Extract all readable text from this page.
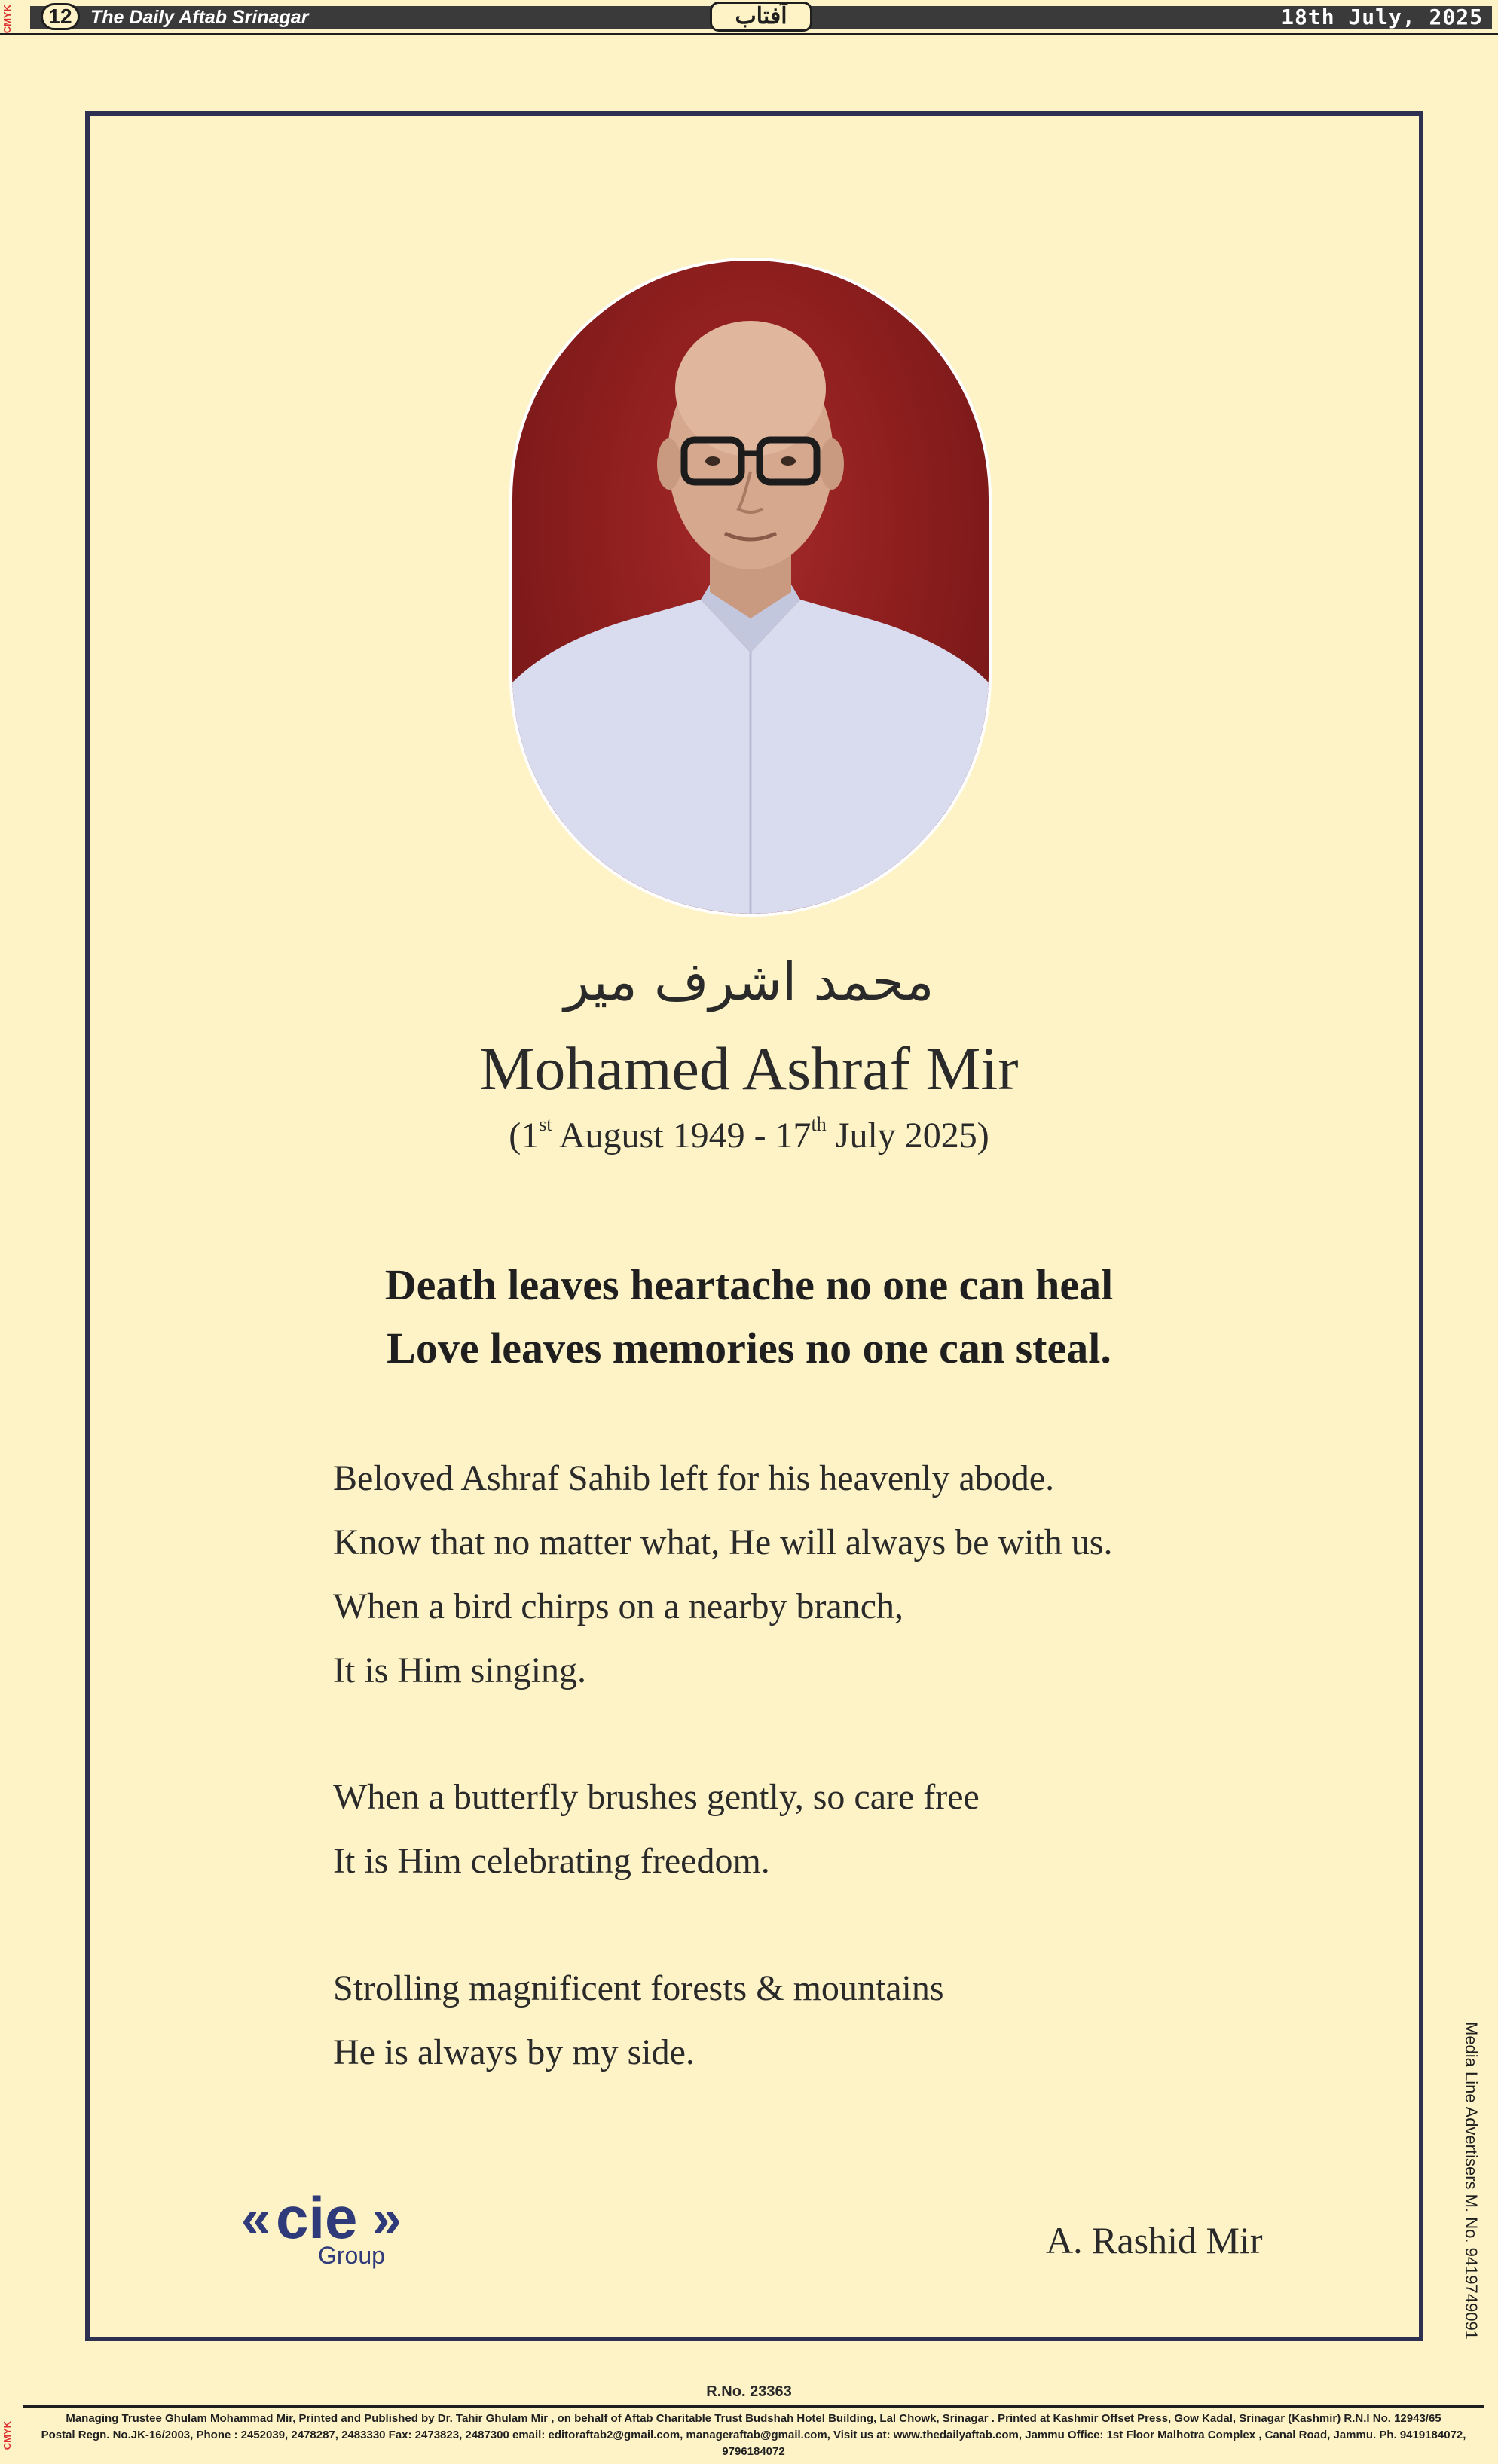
12 The Daily Aftab Srinagar	آفتاب	18th July, 2025
CMYK
CMYK
محمد اشرف میر
Mohamed Ashraf Mir
(1st August 1949 - 17th July 2025)
Death leaves heartache no one can heal
Love leaves memories no one can steal.
Beloved Ashraf Sahib left for his heavenly abode.
Know that no matter what, He will always be with us.
When a bird chirps on a nearby branch,
It is Him singing.
When a butterfly brushes gently, so care free
It is Him celebrating freedom.
Strolling magnificent forests & mountains
He is always by my side.
« cie »
Group	A. Rashid Mir	Media Line Advertisers M. No. 9419749091
R.No. 23363
Managing Trustee Ghulam Mohammad Mir, Printed and Published by Dr. Tahir Ghulam Mir , on behalf of Aftab Charitable Trust Budshah Hotel Building, Lal Chowk, Srinagar . Printed at Kashmir Offset Press, Gow Kadal, Srinagar (Kashmir) R.N.I No. 12943/65
Postal Regn. No.JK-16/2003, Phone : 2452039, 2478287, 2483330 Fax: 2473823, 2487300 email: editoraftab2@gmail.com, manageraftab@gmail.com, Visit us at: www.thedailyaftab.com, Jammu Office: 1st Floor Malhotra Complex , Canal Road, Jammu. Ph. 9419184072, 9796184072
